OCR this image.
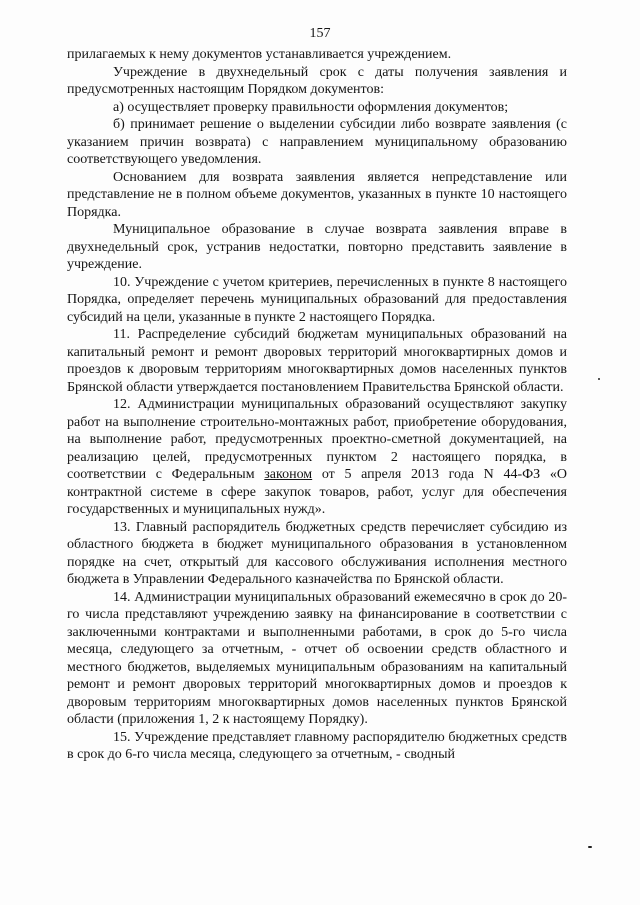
157

прилагаемых к нему документов устанавливается учреждением.

Учреждение в двухнедельный срок с даты получения заявления и предусмотренных настоящим Порядком документов:

а) осуществляет проверку правильности оформления документов;

б) принимает решение о выделении субсидии либо возврате заявления (с указанием причин возврата) с направлением муниципальному образованию соответствующего уведомления.

Основанием для возврата заявления является непредставление или представление не в полном объеме документов, указанных в пункте 10 настоящего Порядка.

Муниципальное образование в случае возврата заявления вправе в двухнедельный срок, устранив недостатки, повторно представить заявление в учреждение.

10. Учреждение с учетом критериев, перечисленных в пункте 8 настоящего Порядка, определяет перечень муниципальных образований для предоставления субсидий на цели, указанные в пункте 2 настоящего Порядка.

11. Распределение субсидий бюджетам муниципальных образований на капитальный ремонт и ремонт дворовых территорий многоквартирных домов и проездов к дворовым территориям многоквартирных домов населенных пунктов Брянской области утверждается постановлением Правительства Брянской области.

12. Администрации муниципальных образований осуществляют закупку работ на выполнение строительно-монтажных работ, приобретение оборудования, на выполнение работ, предусмотренных проектно-сметной документацией, на реализацию целей, предусмотренных пунктом 2 настоящего порядка, в соответствии с Федеральным законом от 5 апреля 2013 года N 44-ФЗ «О контрактной системе в сфере закупок товаров, работ, услуг для обеспечения государственных и муниципальных нужд».

13. Главный распорядитель бюджетных средств перечисляет субсидию из областного бюджета в бюджет муниципального образования в установленном порядке на счет, открытый для кассового обслуживания исполнения местного бюджета в Управлении Федерального казначейства по Брянской области.

14. Администрации муниципальных образований ежемесячно в срок до 20-го числа представляют учреждению заявку на финансирование в соответствии с заключенными контрактами и выполненными работами, в срок до 5-го числа месяца, следующего за отчетным, - отчет об освоении средств областного и местного бюджетов, выделяемых муниципальным образованиям на капитальный ремонт и ремонт дворовых территорий многоквартирных домов и проездов к дворовым территориям многоквартирных домов населенных пунктов Брянской области (приложения 1, 2 к настоящему Порядку).

15. Учреждение представляет главному распорядителю бюджетных средств в срок до 6-го числа месяца, следующего за отчетным, - сводный
